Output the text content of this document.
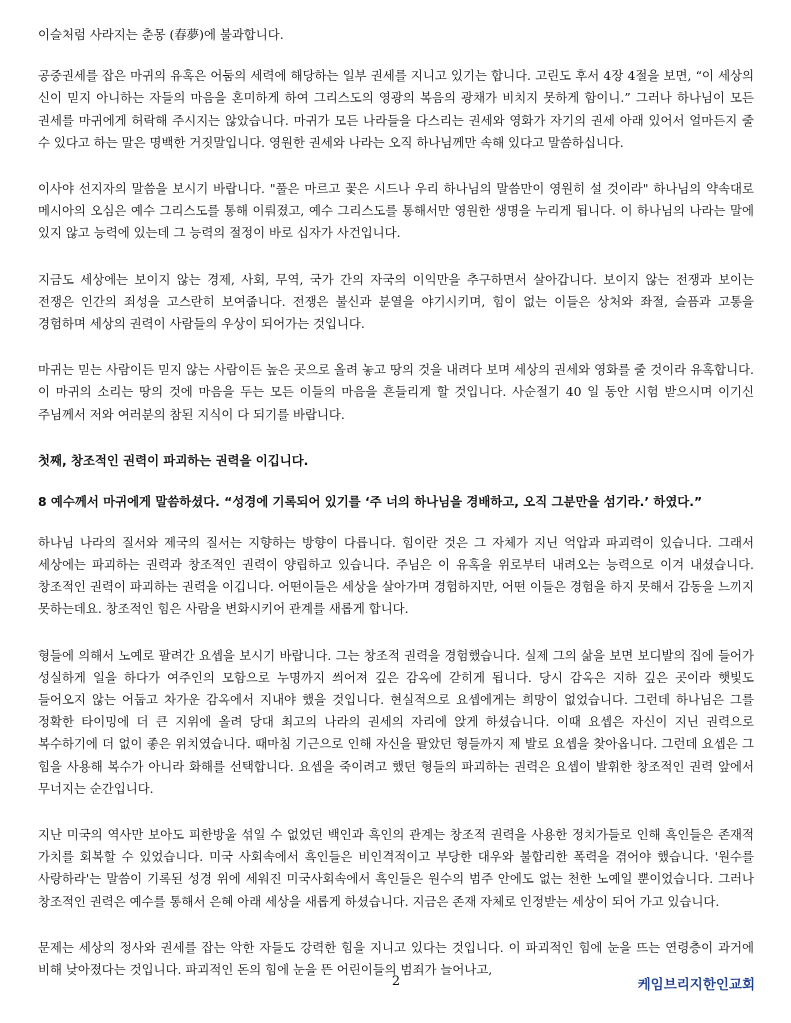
이슬처럼 사라지는 춘몽 (春夢)에 불과합니다.

공중권세를 잡은 마귀의 유혹은 어둠의 세력에 해당하는 일부 권세를 지니고 있기는 합니다. 고린도 후서 4장 4절을 보면, “이 세상의 신이 믿지 아니하는 자들의 마음을 혼미하게 하여 그리스도의 영광의 복음의 광채가 비치지 못하게 함이니.” 그러나 하나님이 모든 권세를 마귀에게 허락해 주시지는 않았습니다. 마귀가 모든 나라들을 다스리는 권세와 영화가 자기의 권세 아래 있어서 얼마든지 줄 수 있다고 하는 말은 명백한 거짓말입니다. 영원한 권세와 나라는 오직 하나님께만 속해 있다고 말씀하십니다.

이사야 선지자의 말씀을 보시기 바랍니다. "풀은 마르고 꽃은 시드나 우리 하나님의 말씀만이 영원히 설 것이라" 하나님의 약속대로 메시아의 오심은 예수 그리스도를 통해 이뤄졌고, 예수 그리스도를 통해서만 영원한 생명을 누리게 됩니다. 이 하나님의 나라는 말에 있지 않고 능력에 있는데 그 능력의 절정이 바로 십자가 사건입니다.

지금도 세상에는 보이지 않는 경제, 사회, 무역, 국가 간의 자국의 이익만을 추구하면서 살아갑니다. 보이지 않는 전쟁과 보이는 전쟁은 인간의 죄성을 고스란히 보여줍니다. 전쟁은 불신과 분열을 야기시키며, 힘이 없는 이들은 상처와 좌절, 슬픔과 고통을 경험하며 세상의 권력이 사람들의 우상이 되어가는 것입니다.

마귀는 믿는 사람이든 믿지 않는 사람이든 높은 곳으로 올려 놓고 땅의 것을 내려다 보며 세상의 권세와 영화를 줄 것이라 유혹합니다. 이 마귀의 소리는 땅의 것에 마음을 두는 모든 이들의 마음을 흔들리게 할 것입니다. 사순절기 40 일 동안 시험 받으시며 이기신 주님께서 저와 여러분의 참된 지식이 다 되기를 바랍니다.

첫째, 창조적인 권력이 파괴하는 권력을 이깁니다.

8 예수께서 마귀에게 말씀하셨다. “성경에 기록되어 있기를 ‘주 너의 하나님을 경배하고, 오직 그분만을 섬기라.’ 하였다.”

하나님 나라의 질서와 제국의 질서는 지향하는 방향이 다릅니다. 힘이란 것은 그 자체가 지닌 억압과 파괴력이 있습니다. 그래서 세상에는 파괴하는 권력과 창조적인 권력이 양립하고 있습니다. 주님은 이 유혹을 위로부터 내려오는 능력으로 이겨 내셨습니다. 창조적인 권력이 파괴하는 권력을 이깁니다. 어떤이들은 세상을 살아가며 경험하지만, 어떤 이들은 경험을 하지 못해서 감동을 느끼지 못하는데요. 창조적인 힘은 사람을 변화시키어 관계를 새롭게 합니다.

형들에 의해서 노예로 팔려간 요셉을 보시기 바랍니다. 그는 창조적 권력을 경험했습니다. 실제 그의 삶을 보면 보디발의 집에 들어가 성실하게 일을 하다가 여주인의 모함으로 누명까지 씌어져 깊은 감옥에 갇히게 됩니다. 당시 감옥은 지하 깊은 곳이라 햇빛도 들어오지 않는 어둡고 차가운 감옥에서 지내야 했을 것입니다. 현실적으로 요셉에게는 희망이 없었습니다. 그런데 하나님은 그를 정확한 타이밍에 더 큰 지위에 올려 당대 최고의 나라의 권세의 자리에 앉게 하셨습니다. 이때 요셉은 자신이 지닌 권력으로 복수하기에 더 없이 좋은 위치였습니다. 때마침 기근으로 인해 자신을 팔았던 형들까지 제 발로 요셉을 찾아옵니다. 그런데 요셉은 그 힘을 사용해 복수가 아니라 화해를 선택합니다. 요셉을 죽이려고 했던 형들의 파괴하는 권력은 요셉이 발휘한 창조적인 권력 앞에서 무너지는 순간입니다.

지난 미국의 역사만 보아도 피한방울 섞일 수 없었던 백인과 흑인의 관계는 창조적 권력을 사용한 정치가들로 인해 흑인들은 존재적 가치를 회복할 수 있었습니다. 미국 사회속에서 흑인들은 비인격적이고 부당한 대우와 불합리한 폭력을 겪어야 했습니다. '원수를 사랑하라'는 말씀이 기록된 성경 위에 세워진 미국사회속에서 흑인들은 원수의 범주 안에도 없는 천한 노예일 뿐이었습니다. 그러나 창조적인 권력은 예수를 통해서 은혜 아래 세상을 새롭게 하셨습니다. 지금은 존재 자체로 인정받는 세상이 되어 가고 있습니다.

문제는 세상의 정사와 권세를 잡는 악한 자들도 강력한 힘을 지니고 있다는 것입니다. 이 파괴적인 힘에 눈을 뜨는 연령층이 과거에 비해 낮아졌다는 것입니다. 파괴적인 돈의 힘에 눈을 뜬 어린이들의 범죄가 늘어나고,

2	케임브리지한인교회
